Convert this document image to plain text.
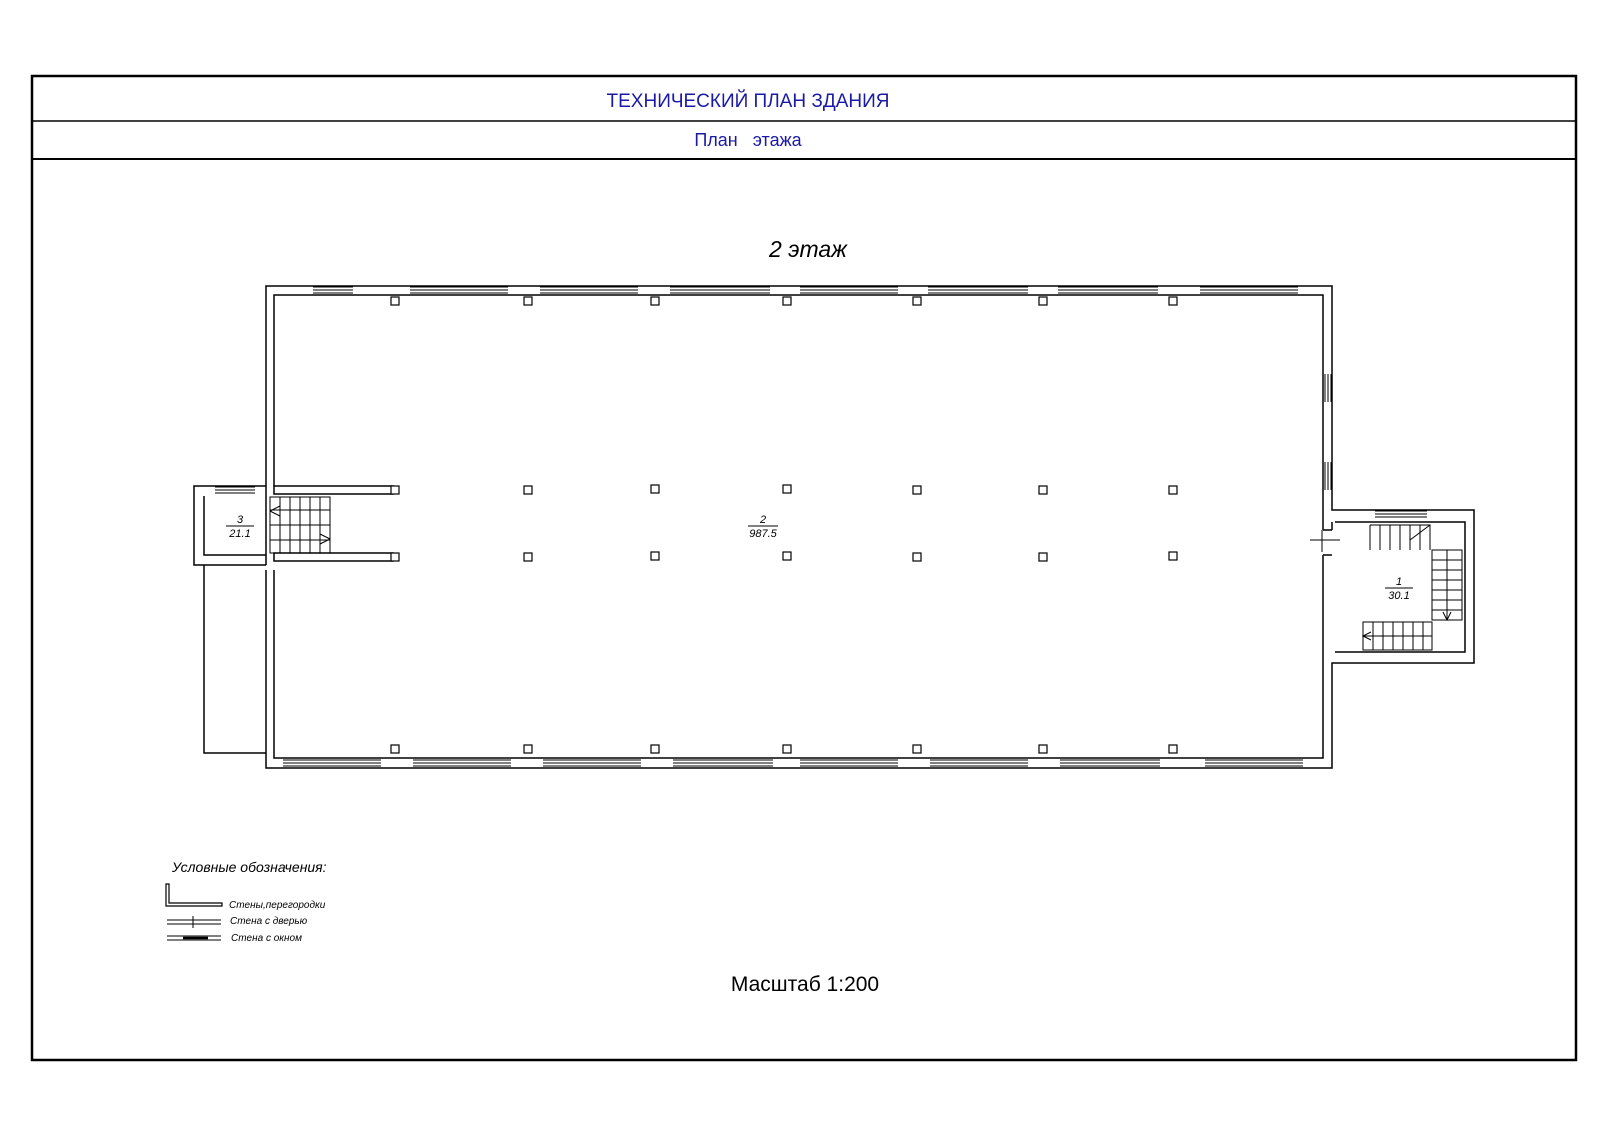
ТЕХНИЧЕСКИЙ ПЛАН ЗДАНИЯ
План   этажа
2 этаж
3
21.1
2
987.5
1
30.1
Условные обозначения:
Стены,перегородки
Стена с дверью
Стена с окном
Масштаб 1:200
